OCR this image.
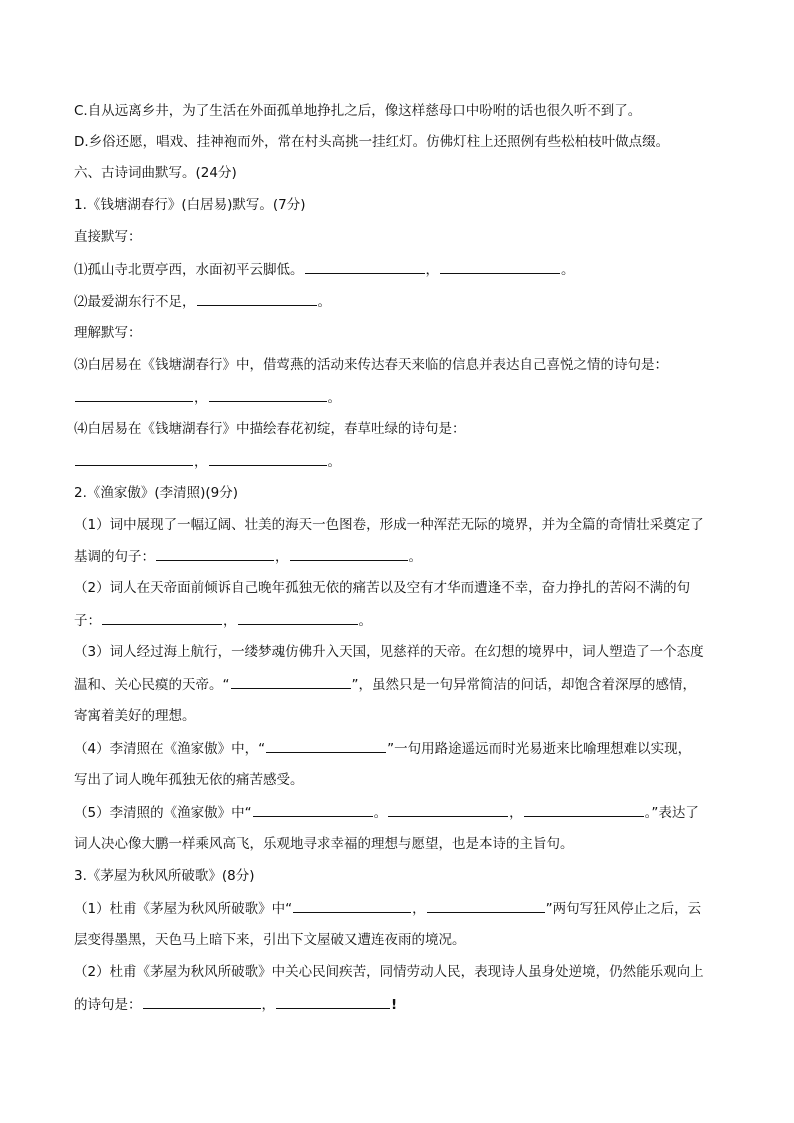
C.自从远离乡井，为了生活在外面孤单地挣扎之后，像这样慈母口中吩咐的话也很久听不到了。
D.乡俗还愿，唱戏、挂神袍而外，常在村头高挑一挂红灯。仿佛灯柱上还照例有些松柏枝叶做点缀。
六、古诗词曲默写。(24分)
1.《钱塘湖春行》(白居易)默写。(7分)
直接默写：
⑴孤山寺北贾亭西，水面初平云脚低。	，	。
⑵最爱湖东行不足，	。
理解默写：
⑶白居易在《钱塘湖春行》中，借莺燕的活动来传达春天来临的信息并表达自己喜悦之情的诗句是：
，	。
⑷白居易在《钱塘湖春行》中描绘春花初绽，春草吐绿的诗句是：
，	。
2.《渔家傲》(李清照)(9分)
（1）词中展现了一幅辽阔、壮美的海天一色图卷，形成一种浑茫无际的境界，并为全篇的奇情壮采奠定了
基调的句子：	，	。
（2）词人在天帝面前倾诉自己晚年孤独无依的痛苦以及空有才华而遭逢不幸，奋力挣扎的苦闷不满的句
子：	，	。
（3）词人经过海上航行，一缕梦魂仿佛升入天国，见慈祥的天帝。在幻想的境界中，词人塑造了一个态度
温和、关心民瘼的天帝。“	”，虽然只是一句异常简洁的问话，却饱含着深厚的感情，
寄寓着美好的理想。
（4）李清照在《渔家傲》中，“	”一句用路途遥远而时光易逝来比喻理想难以实现，
写出了词人晚年孤独无依的痛苦感受。
（5）李清照的《渔家傲》中“	。	，	。”表达了
词人决心像大鹏一样乘风高飞，乐观地寻求幸福的理想与愿望，也是本诗的主旨句。
3.《茅屋为秋风所破歌》(8分)
（1）杜甫《茅屋为秋风所破歌》中“	，	”两句写狂风停止之后，云
层变得墨黑，天色马上暗下来，引出下文屋破又遭连夜雨的境况。
（2）杜甫《茅屋为秋风所破歌》中关心民间疾苦，同情劳动人民，表现诗人虽身处逆境，仍然能乐观向上
的诗句是：	，	!
